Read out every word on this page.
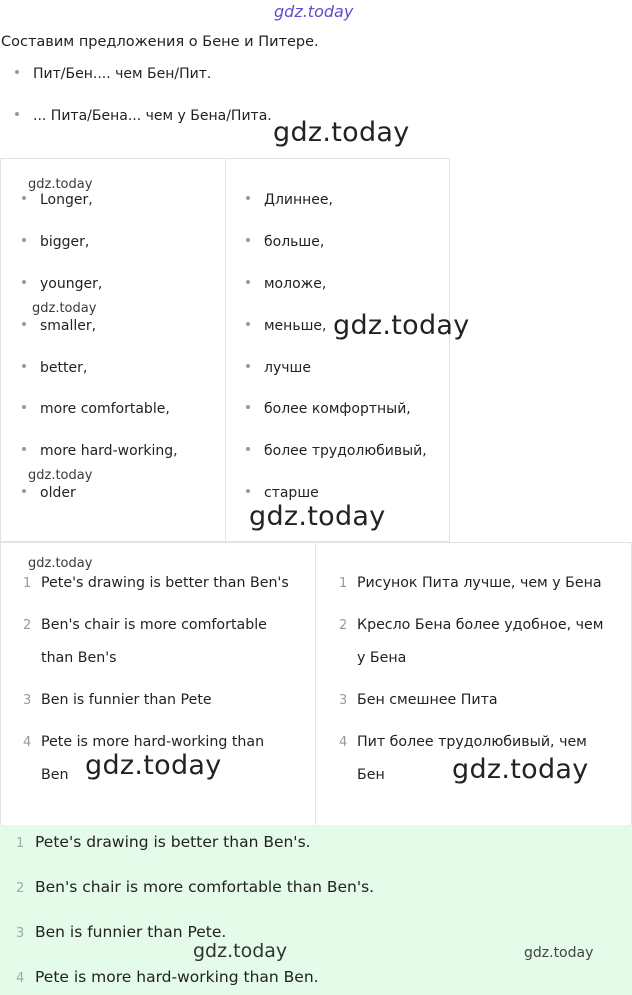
gdz.today
Составим предложения о Бене и Питере.
Пит/Бен.... чем Бен/Пит.
... Пита/Бена... чем у Бена/Пита.
gdz.today
Longer,
bigger,
younger,
smaller,
better,
more comfortable,
more hard-working,
older
Длиннее,
больше,
моложе,
меньше,
лучше
более комфортный,
более трудолюбивый,
старше
gdz.today
gdz.today
gdz.today
gdz.today
gdz.today
1 Pete's drawing is better than Ben's
2 Ben's chair is more comfortable
than Ben's
3 Ben is funnier than Pete
4 Pete is more hard-working than
Ben
1 Рисунок Пита лучше, чем у Бена
2 Кресло Бена более удобное, чем
у Бена
3 Бен смешнее Пита
4 Пит более трудолюбивый, чем
Бен
gdz.today
gdz.today	gdz.today
1 Pete's drawing is better than Ben's.
2 Ben's chair is more comfortable than Ben's.
3 Ben is funnier than Pete.
4 Pete is more hard-working than Ben.
gdz.today	gdz.today
